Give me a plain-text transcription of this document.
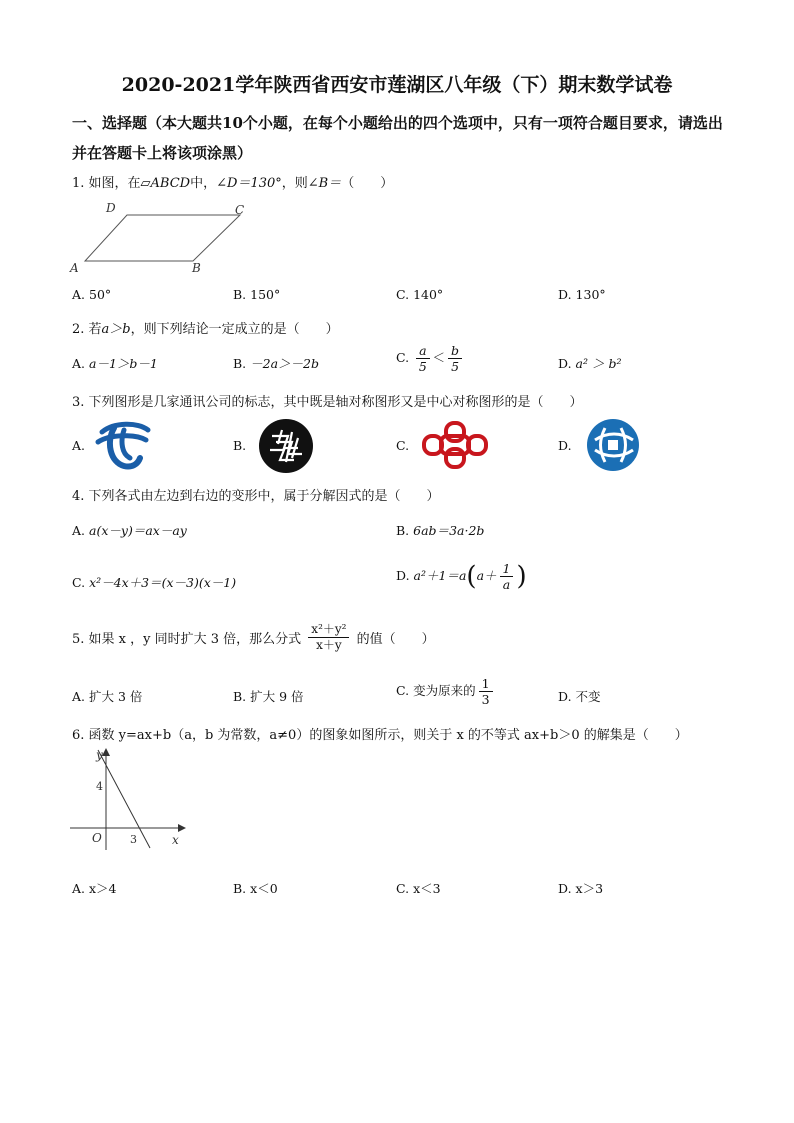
2020-2021学年陕西省西安市莲湖区八年级（下）期末数学试卷
一、选择题（本大题共10个小题，在每个小题给出的四个选项中，只有一项符合题目要求，请选出并在答题卡上将该项涂黑）
1. 如图，在▱ABCD中，∠D＝130°，则∠B＝（　　）
D	C
A	B
A. 50°	B. 150°	C. 140°	D. 130°
2. 若a＞b，则下列结论一定成立的是（　　）
A. a－1＞b－1	B. －2a＞－2b	C. $\frac{a}{5} < \frac{b}{5}$	D. a² ＞ b²
3. 下列图形是几家通讯公司的标志，其中既是轴对称图形又是中心对称图形的是（　　）
A.	B.	C.	D.
4. 下列各式由左边到右边的变形中，属于分解因式的是（　　）
A. a(x－y)＝ax－ay	B. 6ab＝3a·2b
C. x²－4x＋3＝(x－3)(x－1)	D. $a^2+1=a(a+ \frac{1}{a}$ )
5. 如果 x ，y 同时扩大 3 倍，那么分式 $\frac{\text{x²＋y²}}{x+y}$ 的值（　　）
A. 扩大 3 倍	B. 扩大 9 倍	C. 变为原来的 $\frac{1}{3}$	D. 不变
6. 函数 y=ax+b（a，b 为常数，a≠0）的图象如图所示，则关于 x 的不等式 ax+b＞0 的解集是（　　）
y
x
O
4
3
A. x＞4	B. x＜0	C. x＜3	D. x＞3
